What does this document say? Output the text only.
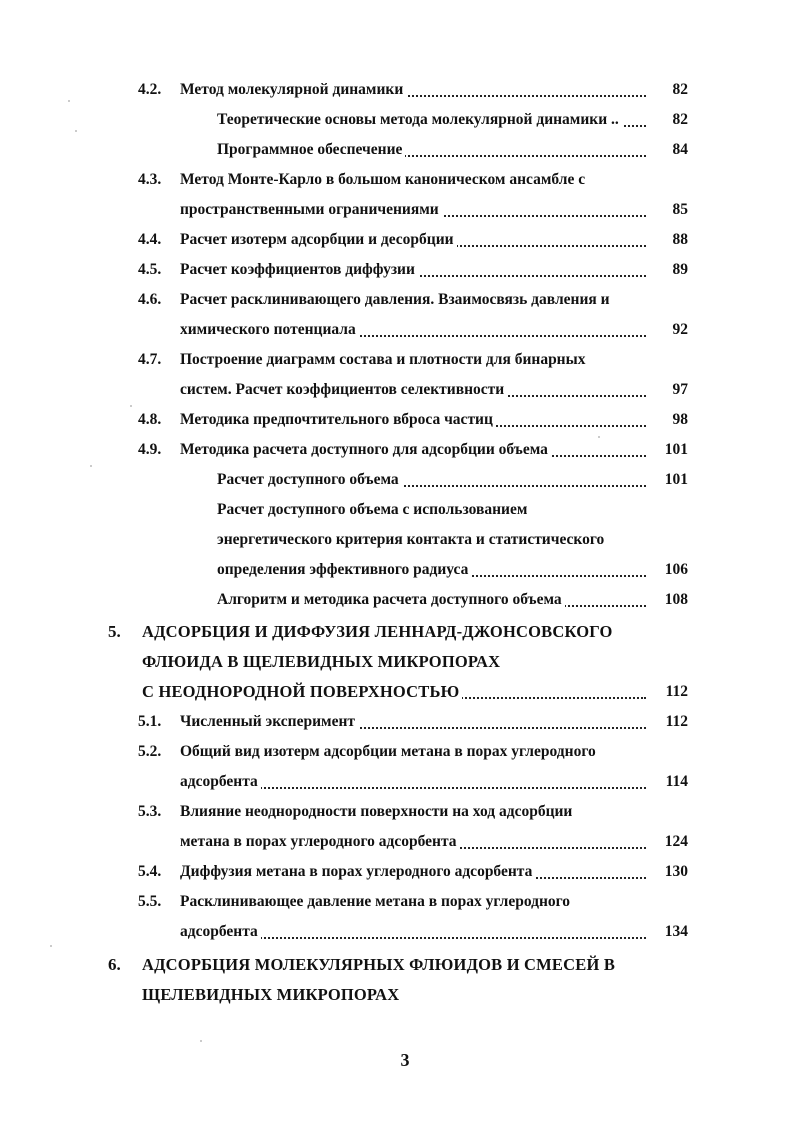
4.2.	Метод молекулярной динамики	82
Теоретические основы метода молекулярной динамики ..	82
Программное обеспечение	84
4.3.	Метод Монте-Карло в большом каноническом ансамбле с
пространственными ограничениями	85
4.4.	Расчет изотерм адсорбции и десорбции	88
4.5.	Расчет коэффициентов диффузии	89
4.6.	Расчет расклинивающего давления. Взаимосвязь давления и
химического потенциала	92
4.7.	Построение диаграмм состава и плотности для бинарных
систем. Расчет коэффициентов селективности	97
4.8.	Методика предпочтительного вброса частиц	98
4.9.	Методика расчета доступного для адсорбции объема	101
Расчет доступного объема	101
Расчет доступного объема с использованием
энергетического критерия контакта и статистического
определения эффективного радиуса	106
Алгоритм и методика расчета доступного объема	108
5.	АДСОРБЦИЯ И ДИФФУЗИЯ ЛЕННАРД-ДЖОНСОВСКОГО
ФЛЮИДА В ЩЕЛЕВИДНЫХ МИКРОПОРАХ
С НЕОДНОРОДНОЙ ПОВЕРХНОСТЬЮ	112
5.1.	Численный эксперимент	112
5.2.	Общий вид изотерм адсорбции метана в порах углеродного
адсорбента	114
5.3.	Влияние неоднородности поверхности на ход адсорбции
метана в порах углеродного адсорбента	124
5.4.	Диффузия метана в порах углеродного адсорбента	130
5.5.	Расклинивающее давление метана в порах углеродного
адсорбента	134
6.	АДСОРБЦИЯ МОЛЕКУЛЯРНЫХ ФЛЮИДОВ И СМЕСЕЙ В
ЩЕЛЕВИДНЫХ МИКРОПОРАХ
3
